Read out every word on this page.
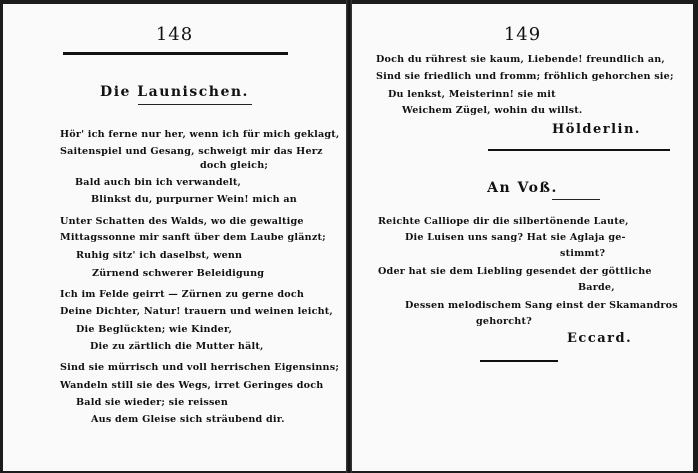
148
Die Launischen.
Hör' ich ferne nur her, wenn ich für mich geklagt,
Saitenspiel und Gesang, schweigt mir das Herz
doch gleich;
Bald auch bin ich verwandelt,
Blinkst du, purpurner Wein! mich an
Unter Schatten des Walds, wo die gewaltige
Mittagssonne mir sanft über dem Laube glänzt;
Ruhig sitz' ich daselbst, wenn
Zürnend schwerer Beleidigung
Ich im Felde geirrt — Zürnen zu gerne doch
Deine Dichter, Natur! trauern und weinen leicht,
Die Beglückten; wie Kinder,
Die zu zärtlich die Mutter hält,
Sind sie mürrisch und voll herrischen Eigensinns;
Wandeln still sie des Wegs, irret Geringes doch
Bald sie wieder; sie reissen
Aus dem Gleise sich sträubend dir.
149
Doch du rührest sie kaum, Liebende! freundlich an,
Sind sie friedlich und fromm; fröhlich gehorchen sie;
Du lenkst, Meisterinn! sie mit
Weichem Zügel, wohin du willst.
Hölderlin.
An Voß.
Reichte Calliope dir die silbertönende Laute,
Die Luisen uns sang? Hat sie Aglaja ge-
stimmt?
Oder hat sie dem Liebling gesendet der göttliche
Barde,
Dessen melodischem Sang einst der Skamandros
gehorcht?
Eccard.
